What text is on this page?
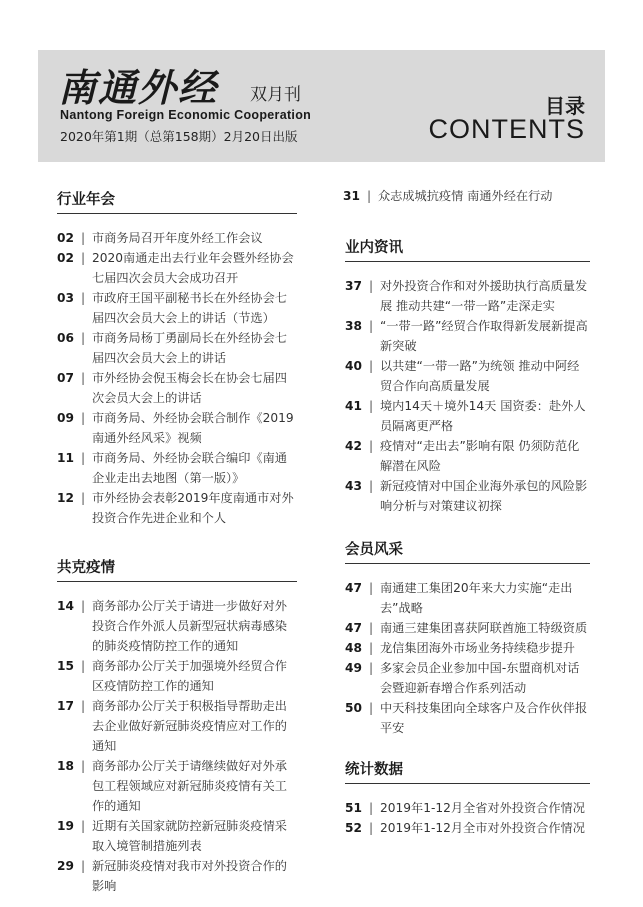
南通外经 双月刊
Nantong Foreign Economic Cooperation
2020年第1期（总第158期）2月20日出版
目录
CONTENTS
行业年会
02 | 市商务局召开年度外经工作会议
02 | 2020南通走出去行业年会暨外经协会七届四次会员大会成功召开
03 | 市政府王国平副秘书长在外经协会七届四次会员大会上的讲话（节选）
06 | 市商务局杨丁勇副局长在外经协会七届四次会员大会上的讲话
07 | 市外经协会倪玉梅会长在协会七届四次会员大会上的讲话
09 | 市商务局、外经协会联合制作《2019南通外经风采》视频
11 | 市商务局、外经协会联合编印《南通企业走出去地图（第一版）》
12 | 市外经协会表彰2019年度南通市对外投资合作先进企业和个人
共克疫情
14 | 商务部办公厅关于请进一步做好对外投资合作外派人员新型冠状病毒感染的肺炎疫情防控工作的通知
15 | 商务部办公厅关于加强境外经贸合作区疫情防控工作的通知
17 | 商务部办公厅关于积极指导帮助走出去企业做好新冠肺炎疫情应对工作的通知
18 | 商务部办公厅关于请继续做好对外承包工程领域应对新冠肺炎疫情有关工作的通知
19 | 近期有关国家就防控新冠肺炎疫情采取入境管制措施列表
29 | 新冠肺炎疫情对我市对外投资合作的影响
31 | 众志成城抗疫情 南通外经在行动
业内资讯
37 | 对外投资合作和对外援助执行高质量发展 推动共建“一带一路”走深走实
38 | “一带一路”经贸合作取得新发展新提高新突破
40 | 以共建“一带一路”为统领 推动中阿经贸合作向高质量发展
41 | 境内14天＋境外14天 国资委：赴外人员隔离更严格
42 | 疫情对“走出去”影响有限 仍须防范化解潜在风险
43 | 新冠疫情对中国企业海外承包的风险影响分析与对策建议初探
会员风采
47 | 南通建工集团20年来大力实施“走出去”战略
47 | 南通三建集团喜获阿联酋施工特级资质
48 | 龙信集团海外市场业务持续稳步提升
49 | 多家会员企业参加中国-东盟商机对话会暨迎新春增合作系列活动
50 | 中天科技集团向全球客户及合作伙伴报平安
统计数据
51 | 2019年1-12月全省对外投资合作情况
52 | 2019年1-12月全市对外投资合作情况
